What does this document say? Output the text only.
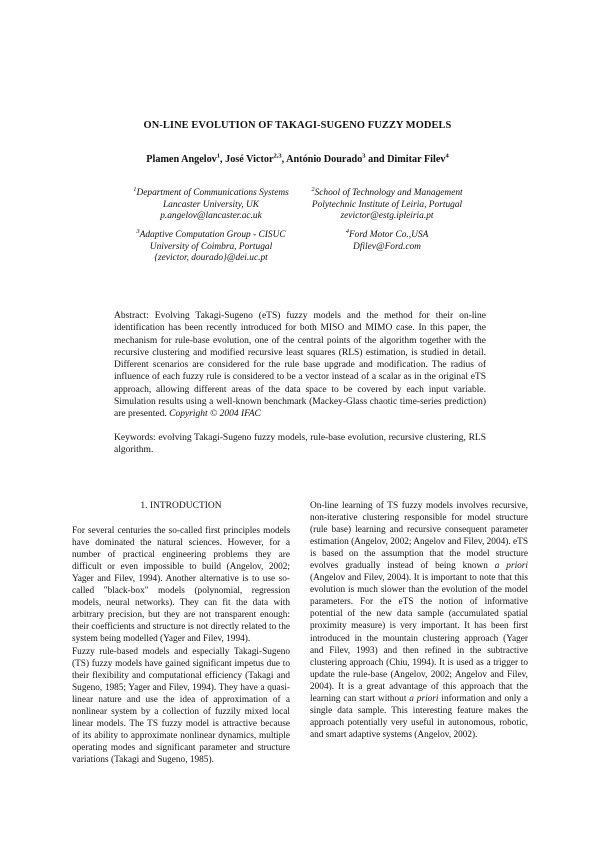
ON-LINE EVOLUTION OF TAKAGI-SUGENO FUZZY MODELS
Plamen Angelov$^1$, José Victor$^{2,3}$, António Dourado$^3$ and Dimitar Filev$^4$
$^1$Department of Communications Systems
Lancaster University, UK
p.angelov@lancaster.ac.uk
$^2$School of Technology and Management
Polytechnic Institute of Leiria, Portugal
zevictor@estg.ipleiria.pt
$^3$Adaptive Computation Group - CISUC
University of Coimbra, Portugal
{zevictor, dourado}@dei.uc.pt
$^4$Ford Motor Co.,USA
Dfilev@Ford.com
Abstract: Evolving Takagi-Sugeno (eTS) fuzzy models and the method for their on-line identification has been recently introduced for both MISO and MIMO case. In this paper, the mechanism for rule-base evolution, one of the central points of the algorithm together with the recursive clustering and modified recursive least squares (RLS) estimation, is studied in detail. Different scenarios are considered for the rule base upgrade and modification. The radius of influence of each fuzzy rule is considered to be a vector instead of a scalar as in the original eTS approach, allowing different areas of the data space to be covered by each input variable. Simulation results using a well-known benchmark (Mackey-Glass chaotic time-series prediction) are presented. Copyright © 2004 IFAC
Keywords: evolving Takagi-Sugeno fuzzy models, rule-base evolution, recursive clustering, RLS algorithm.
1. INTRODUCTION
For several centuries the so-called first principles models have dominated the natural sciences. However, for a number of practical engineering problems they are difficult or even impossible to build (Angelov, 2002; Yager and Filev, 1994). Another alternative is to use so-called "black-box" models (polynomial, regression models, neural networks). They can fit the data with arbitrary precision, but they are not transparent enough: their coefficients and structure is not directly related to the system being modelled (Yager and Filev, 1994).
Fuzzy rule-based models and especially Takagi-Sugeno (TS) fuzzy models have gained significant impetus due to their flexibility and computational efficiency (Takagi and Sugeno, 1985; Yager and Filev, 1994). They have a quasi-linear nature and use the idea of approximation of a nonlinear system by a collection of fuzzily mixed local linear models. The TS fuzzy model is attractive because of its ability to approximate nonlinear dynamics, multiple operating modes and significant parameter and structure variations (Takagi and Sugeno, 1985).
On-line learning of TS fuzzy models involves recursive, non-iterative clustering responsible for model structure (rule base) learning and recursive consequent parameter estimation (Angelov, 2002; Angelov and Filev, 2004). eTS is based on the assumption that the model structure evolves gradually instead of being known a priori (Angelov and Filev, 2004). It is important to note that this evolution is much slower than the evolution of the model parameters. For the eTS the notion of informative potential of the new data sample (accumulated spatial proximity measure) is very important. It has been first introduced in the mountain clustering approach (Yager and Filev, 1993) and then refined in the subtractive clustering approach (Chiu, 1994). It is used as a trigger to update the rule-base (Angelov, 2002; Angelov and Filev, 2004). It is a great advantage of this approach that the learning can start without a priori information and only a single data sample. This interesting feature makes the approach potentially very useful in autonomous, robotic, and smart adaptive systems (Angelov, 2002).
